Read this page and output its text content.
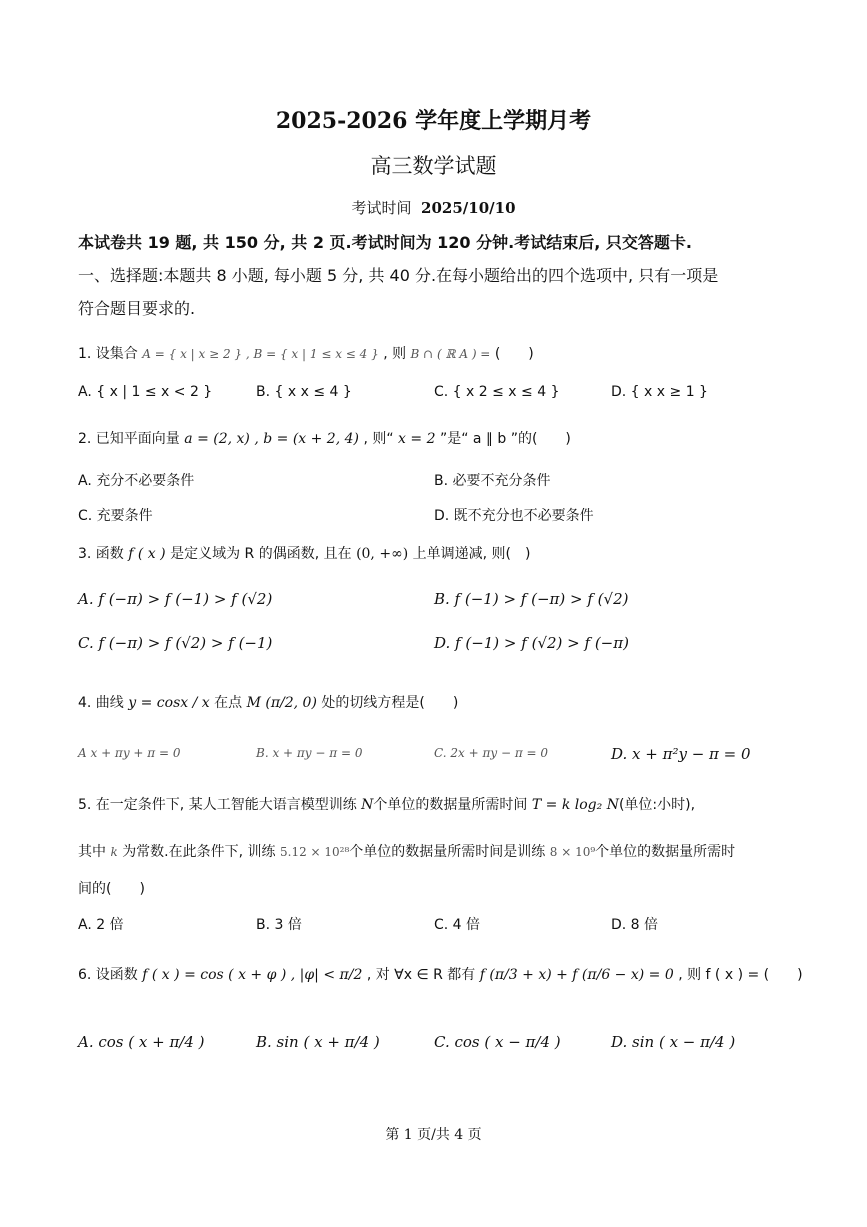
2025-2026 学年度上学期月考
高三数学试题
考试时间 2025/10/10
本试卷共 19 题, 共 150 分, 共 2 页.考试时间为 120 分钟.考试结束后, 只交答题卡.
一、选择题:本题共 8 小题, 每小题 5 分, 共 40 分.在每小题给出的四个选项中, 只有一项是
符合题目要求的.
1. 设集合 A = { x | x ≥ 2 } , B = { x | 1 ≤ x ≤ 4 } , 则 B ∩ ( ℝ A ) = (　　)
A. { x | 1 ≤ x < 2 }	B. { x x ≤ 4 }	C. { x 2 ≤ x ≤ 4 }	D. { x x ≥ 1 }
2. 已知平面向量 a = (2, x) , b = (x + 2, 4) , 则“ x = 2 ”是“ a ∥ b ”的(　　)
A. 充分不必要条件	B. 必要不充分条件
C. 充要条件	D. 既不充分也不必要条件
3. 函数 f ( x ) 是定义域为 R 的偶函数, 且在 (0, +∞) 上单调递减, 则(　)
A. f (−π) > f (−1) > f (√2)	B. f (−1) > f (−π) > f (√2)
C. f (−π) > f (√2) > f (−1)	D. f (−1) > f (√2) > f (−π)
4. 曲线 y = cosx / x 在点 M (π/2, 0) 处的切线方程是(　　)
A x + πy + π = 0	B. x + πy − π = 0	C. 2x + πy − π = 0	D. x + π²y − π = 0
5. 在一定条件下, 某人工智能大语言模型训练 N个单位的数据量所需时间 T = k log₂ N(单位:小时),
其中 k 为常数.在此条件下, 训练 5.12 × 10²⁸个单位的数据量所需时间是训练 8 × 10⁹个单位的数据量所需时
间的(　　)
A. 2 倍	B. 3 倍	C. 4 倍	D. 8 倍
6. 设函数 f ( x ) = cos ( x + φ ) , |φ| < π/2 , 对 ∀x ∈ R 都有 f (π/3 + x) + f (π/6 − x) = 0 , 则 f ( x ) = (　　)
A. cos ( x + π/4 )	B. sin ( x + π/4 )	C. cos ( x − π/4 )	D. sin ( x − π/4 )
第 1 页/共 4 页
